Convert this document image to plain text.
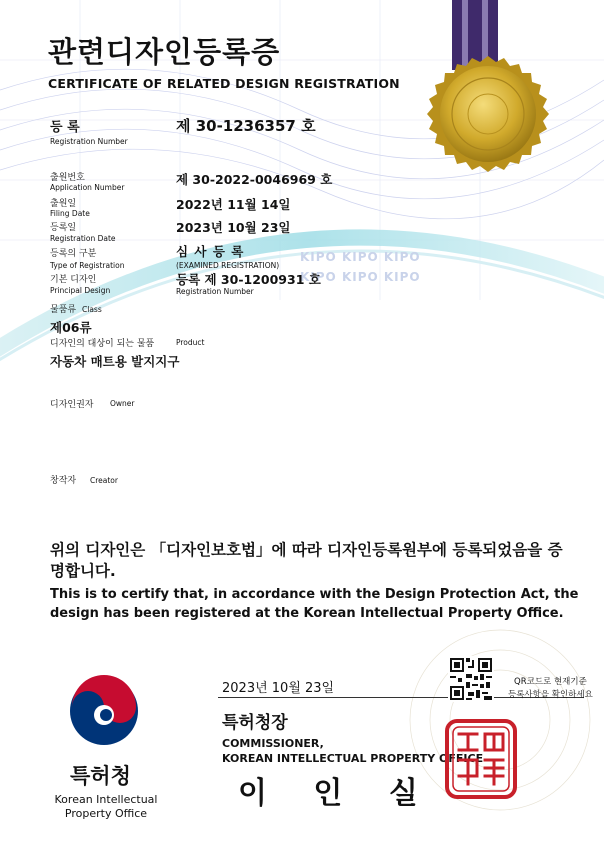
KIPO KIPO KIPO
KIPO KIPO KIPO
관련디자인등록증
CERTIFICATE OF RELATED DESIGN REGISTRATION
등 록
Registration Number
제 30-1236357 호
출원번호
Application Number
제 30-2022-0046969 호
출원일
Filing Date
2022년 11월 14일
등록일
Registration Date
2023년 10월 23일
등록의 구분
Type of Registration
심 사 등 록
(EXAMINED REGISTRATION)
기본 디자인
Principal Design
등록 제 30-1200931 호
Registration Number
물품류 Class
제06류
디자인의 대상이 되는 물품	Product
자동차 매트용 발지지구
디자인권자 Owner
창작자 Creator
위의 디자인은 「디자인보호법」에 따라 디자인등록원부에 등록되었음을 증명합니다.
This is to certify that, in accordance with the Design Protection Act, the design has been registered at the Korean Intellectual Property Office.
2023년 10월 23일	QR코드로 현재기준
등록사항을 확인하세요
특허청장
COMMISSIONER,
KOREAN INTELLECTUAL PROPERTY OFFICE
이 인 실
특허청
Korean Intellectual
Property Office
